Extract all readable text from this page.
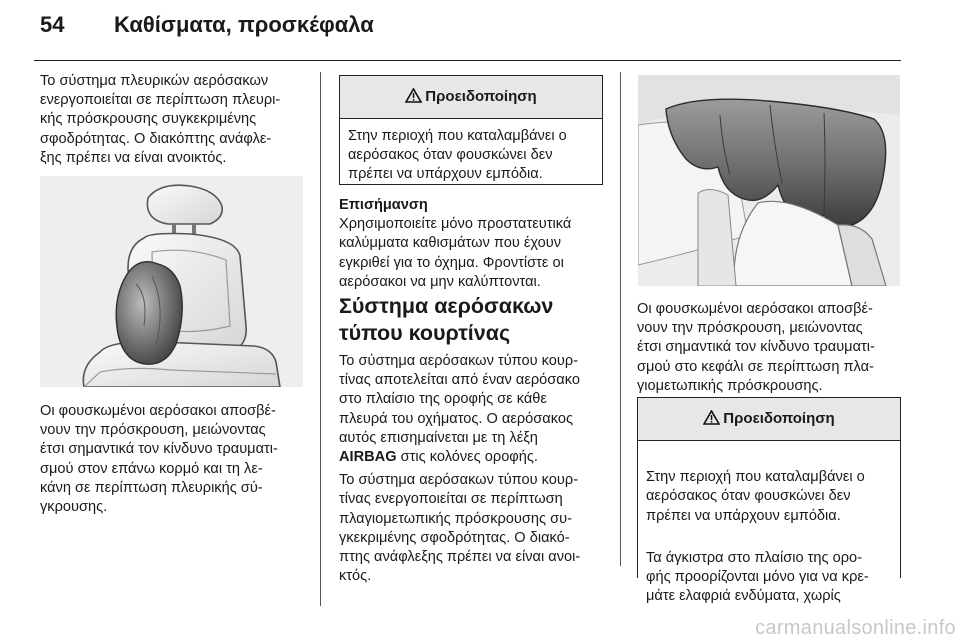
54 Καθίσματα, προσκέφαλα

Το σύστημα πλευρικών αερόσακων
ενεργοποιείται σε περίπτωση πλευρι-
κής πρόσκρουσης συγκεκριμένης
σφοδρότητας. Ο διακόπτης ανάφλε-
ξης πρέπει να είναι ανοικτός.

Οι φουσκωμένοι αερόσακοι αποσβέ-
νουν την πρόσκρουση, μειώνοντας
έτσι σημαντικά τον κίνδυνο τραυματι-
σμού στον επάνω κορμό και τη λε-
κάνη σε περίπτωση πλευρικής σύ-
γκρουσης.

Προειδοποίηση
Στην περιοχή που καταλαμβάνει ο
αερόσακος όταν φουσκώνει δεν
πρέπει να υπάρχουν εμπόδια.

Επισήμανση

Χρησιμοποιείτε μόνο προστατευτικά
καλύμματα καθισμάτων που έχουν
εγκριθεί για το όχημα. Φροντίστε οι
αερόσακοι να μην καλύπτονται.

Σύστημα αερόσακων
τύπου κουρτίνας

Το σύστημα αερόσακων τύπου κουρ-
τίνας αποτελείται από έναν αερόσακο
στο πλαίσιο της οροφής σε κάθε
πλευρά του οχήματος. Ο αερόσακος
αυτός επισημαίνεται με τη λέξη
AIRBAG στις κολόνες οροφής.

Το σύστημα αερόσακων τύπου κουρ-
τίνας ενεργοποιείται σε περίπτωση
πλαγιομετωπικής πρόσκρουσης συ-
γκεκριμένης σφοδρότητας. Ο διακό-
πτης ανάφλεξης πρέπει να είναι ανοι-
κτός.

Οι φουσκωμένοι αερόσακοι αποσβέ-
νουν την πρόσκρουση, μειώνοντας
έτσι σημαντικά τον κίνδυνο τραυματι-
σμού στο κεφάλι σε περίπτωση πλα-
γιομετωπικής πρόσκρουσης.

Προειδοποίηση

Στην περιοχή που καταλαμβάνει ο
αερόσακος όταν φουσκώνει δεν
πρέπει να υπάρχουν εμπόδια.

Τα άγκιστρα στο πλαίσιο της ορο-
φής προορίζονται μόνο για να κρε-
μάτε ελαφριά ενδύματα, χωρίς

carmanualsonline.info
